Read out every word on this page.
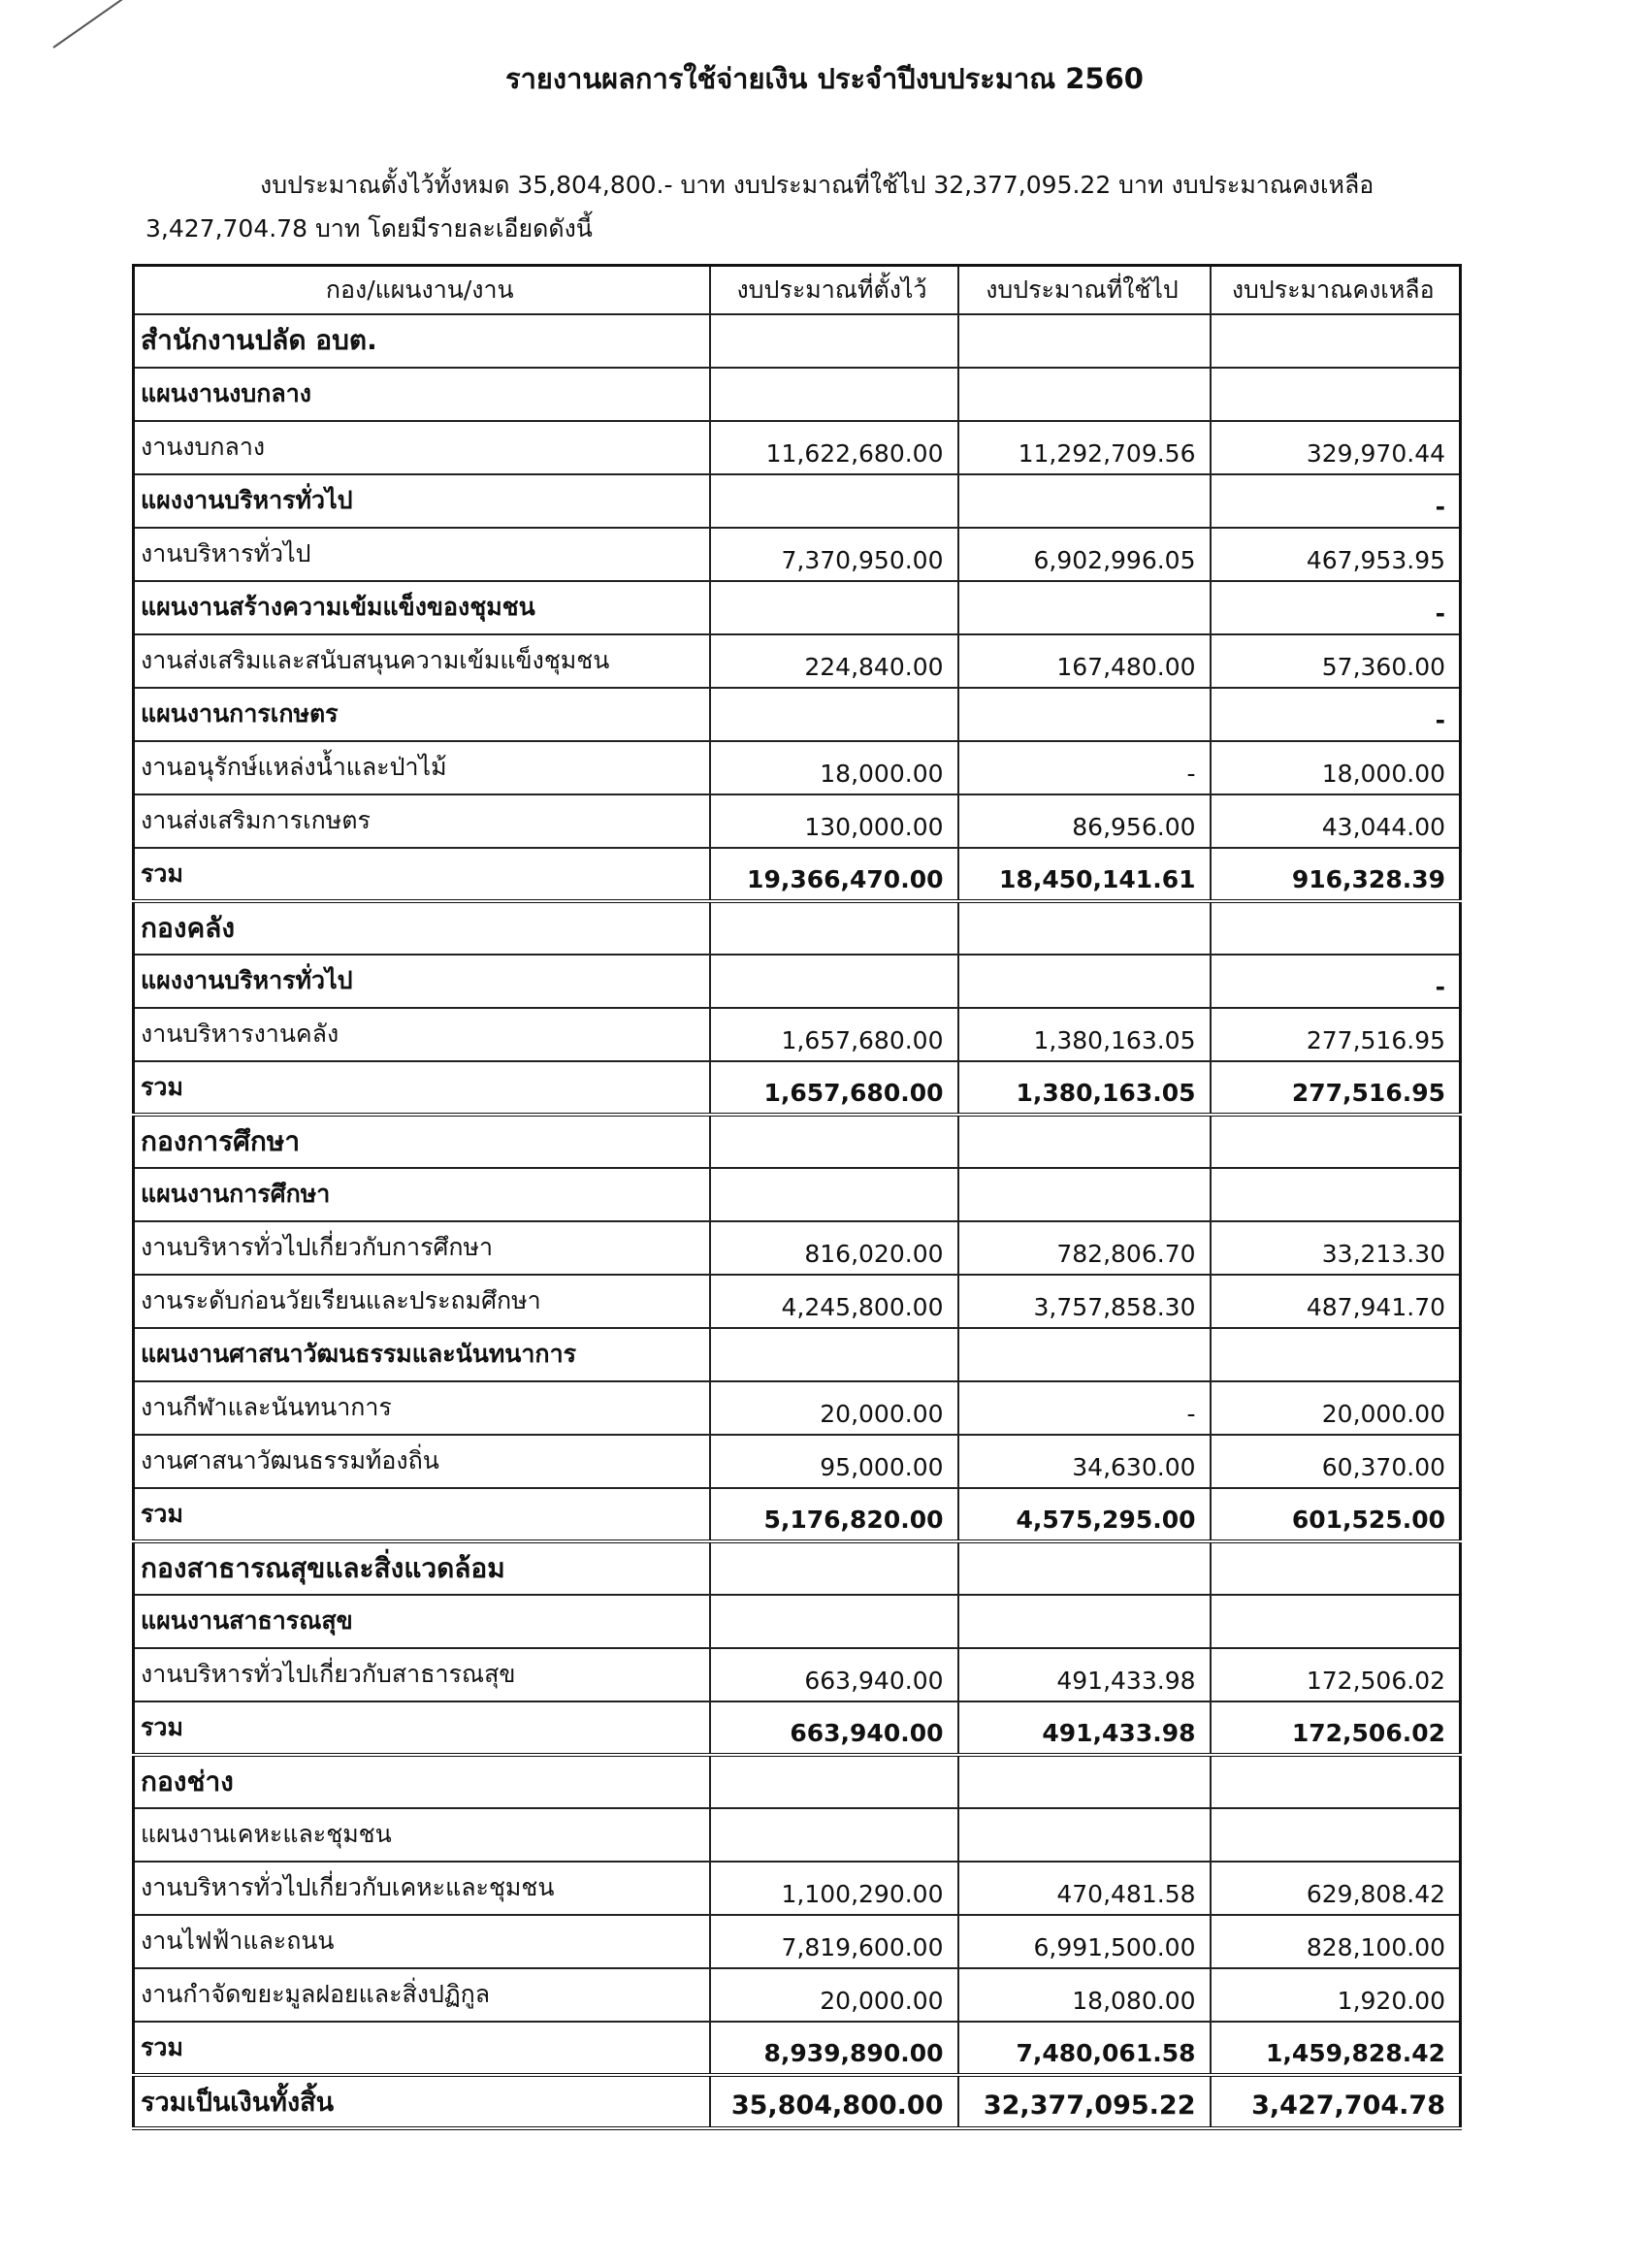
รายงานผลการใช้จ่ายเงิน ประจำปีงบประมาณ 2560
งบประมาณตั้งไว้ทั้งหมด 35,804,800.- บาท งบประมาณที่ใช้ไป 32,377,095.22 บาท งบประมาณคงเหลือ
3,427,704.78 บาท โดยมีรายละเอียดดังนี้
กอง/แผนงาน/งาน	งบประมาณที่ตั้งไว้	งบประมาณที่ใช้ไป	งบประมาณคงเหลือ
สำนักงานปลัด อบต.			
แผนงานงบกลาง			
งานงบกลาง	11,622,680.00	11,292,709.56	329,970.44
แผงงานบริหารทั่วไป			-
งานบริหารทั่วไป	7,370,950.00	6,902,996.05	467,953.95
แผนงานสร้างความเข้มแข็งของชุมชน			-
งานส่งเสริมและสนับสนุนความเข้มแข็งชุมชน	224,840.00	167,480.00	57,360.00
แผนงานการเกษตร			-
งานอนุรักษ์แหล่งน้ำและป่าไม้	18,000.00	-	18,000.00
งานส่งเสริมการเกษตร	130,000.00	86,956.00	43,044.00
รวม	19,366,470.00	18,450,141.61	916,328.39
กองคลัง			
แผงงานบริหารทั่วไป			-
งานบริหารงานคลัง	1,657,680.00	1,380,163.05	277,516.95
รวม	1,657,680.00	1,380,163.05	277,516.95
กองการศึกษา			
แผนงานการศึกษา			
งานบริหารทั่วไปเกี่ยวกับการศึกษา	816,020.00	782,806.70	33,213.30
งานระดับก่อนวัยเรียนและประถมศึกษา	4,245,800.00	3,757,858.30	487,941.70
แผนงานศาสนาวัฒนธรรมและนันทนาการ			
งานกีฬาและนันทนาการ	20,000.00	-	20,000.00
งานศาสนาวัฒนธรรมท้องถิ่น	95,000.00	34,630.00	60,370.00
รวม	5,176,820.00	4,575,295.00	601,525.00
กองสาธารณสุขและสิ่งแวดล้อม			
แผนงานสาธารณสุข			
งานบริหารทั่วไปเกี่ยวกับสาธารณสุข	663,940.00	491,433.98	172,506.02
รวม	663,940.00	491,433.98	172,506.02
กองช่าง			
แผนงานเคหะและชุมชน			
งานบริหารทั่วไปเกี่ยวกับเคหะและชุมชน	1,100,290.00	470,481.58	629,808.42
งานไฟฟ้าและถนน	7,819,600.00	6,991,500.00	828,100.00
งานกำจัดขยะมูลฝอยและสิ่งปฏิกูล	20,000.00	18,080.00	1,920.00
รวม	8,939,890.00	7,480,061.58	1,459,828.42
รวมเป็นเงินทั้งสิ้น	35,804,800.00	32,377,095.22	3,427,704.78
